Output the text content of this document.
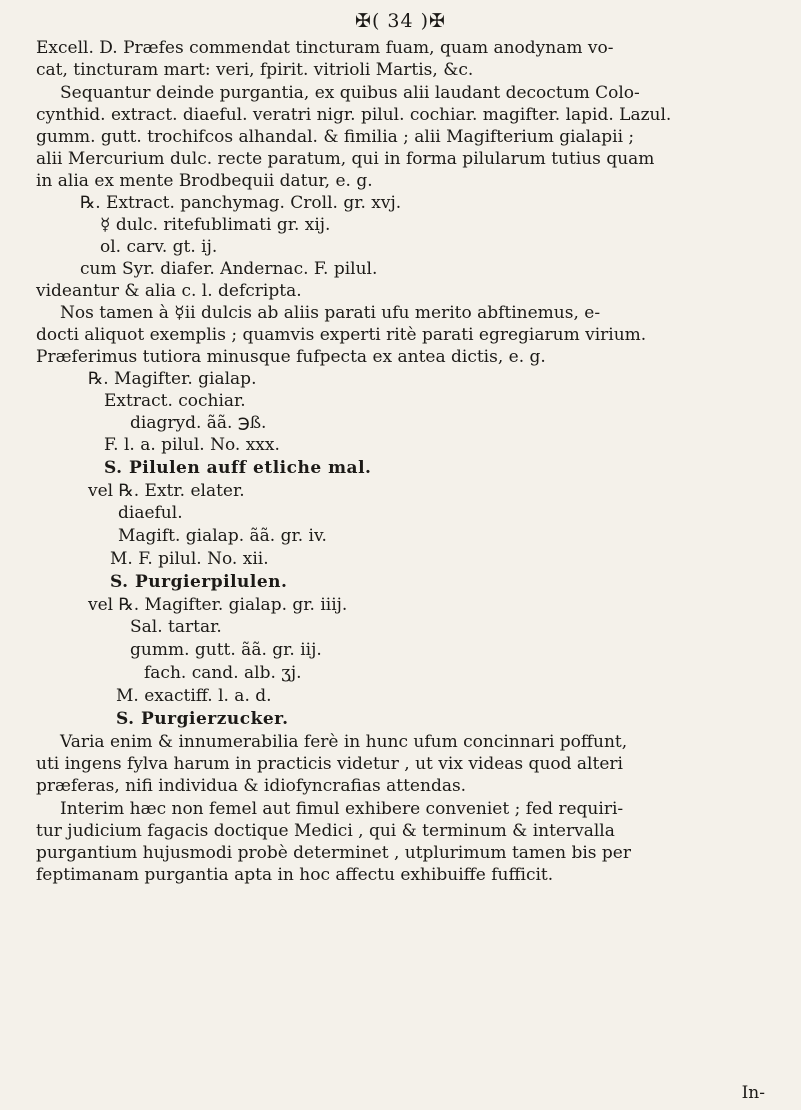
✠( 34 )✠
Excell. D. Præfes commendat tincturam fuam, quam anodynam vo-
cat, tincturam mart: veri, fpirit. vitrioli Martis, &c.
Sequantur deinde purgantia, ex quibus alii laudant decoctum Colo-
cynthid. extract. diaeful. veratri nigr. pilul. cochiar. magifter. lapid. Lazul.
gumm. gutt. trochifcos alhandal. & fimilia ; alii Magifterium gialapii ;
alii Mercurium dulc. recte paratum, qui in forma pilularum tutius quam
in alia ex mente Brodbequii datur, e. g.
℞. Extract. panchymag. Croll. gr. xvj.
☿ dulc. ritefublimati gr. xij.
ol. carv. gt. ij.
cum Syr. diafer. Andernac. F. pilul.
videantur & alia c. l. defcripta.
Nos tamen à ☿ii dulcis ab aliis parati ufu merito abftinemus, e-
docti aliquot exemplis ; quamvis experti ritè parati egregiarum virium.
Præferimus tutiora minusque fufpecta ex antea dictis, e. g.
℞. Magifter. gialap.
Extract. cochiar.
diagryd. ãã. ℈ß.
F. l. a. pilul. No. xxx.
S. Pilulen auff etliche mal.
vel ℞. Extr. elater.
diaeful.
Magift. gialap. ãã. gr. iv.
M. F. pilul. No. xii.
S. Purgierpilulen.
vel ℞. Magifter. gialap. gr. iiij.
Sal. tartar.
gumm. gutt. ãã. gr. iij.
fach. cand. alb. ʒj.
M. exactiff. l. a. d.
S. Purgierzucker.
Varia enim & innumerabilia ferè in hunc ufum concinnari poffunt,
uti ingens fylva harum in practicis videtur , ut vix videas quod alteri
præferas, nifi individua & idiofyncrafias attendas.
Interim hæc non femel aut fimul exhibere conveniet ; fed requiri-
tur judicium fagacis doctique Medici , qui & terminum & intervalla
purgantium hujusmodi probè determinet , utplurimum tamen bis per
feptimanam purgantia apta in hoc affectu exhibuiffe fufficit.
In-
